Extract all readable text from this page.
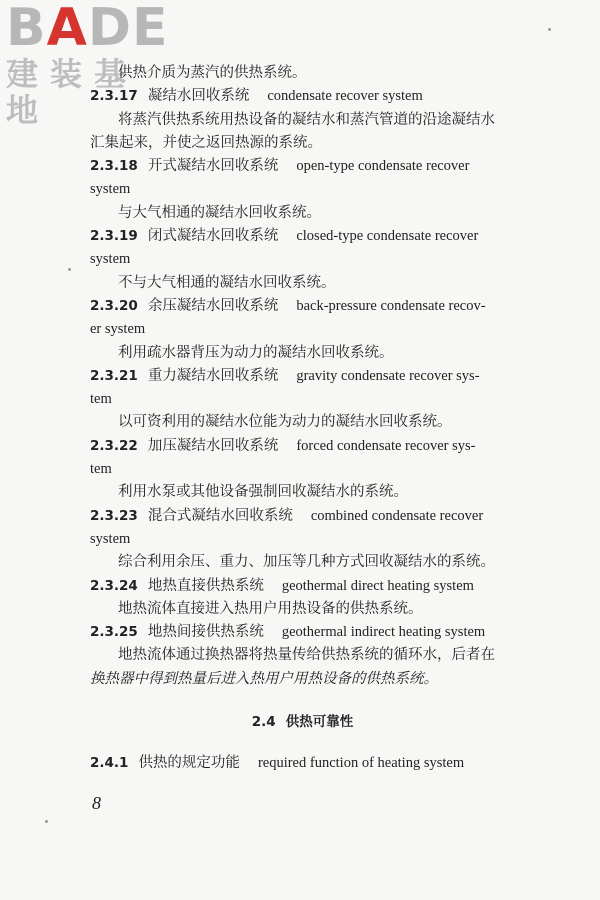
BADE
建装基地
供热介质为蒸汽的供热系统。
2.3.17 凝结水回收系统 condensate recover system
将蒸汽供热系统用热设备的凝结水和蒸汽管道的沿途凝结水
汇集起来，并使之返回热源的系统。
2.3.18 开式凝结水回收系统 open-type condensate recover
system
与大气相通的凝结水回收系统。
2.3.19 闭式凝结水回收系统 closed-type condensate recover
system
不与大气相通的凝结水回收系统。
2.3.20 余压凝结水回收系统 back-pressure condensate recov-
er system
利用疏水器背压为动力的凝结水回收系统。
2.3.21 重力凝结水回收系统 gravity condensate recover sys-
tem
以可资利用的凝结水位能为动力的凝结水回收系统。
2.3.22 加压凝结水回收系统 forced condensate recover sys-
tem
利用水泵或其他设备强制回收凝结水的系统。
2.3.23 混合式凝结水回收系统 combined condensate recover
system
综合利用余压、重力、加压等几种方式回收凝结水的系统。
2.3.24 地热直接供热系统 geothermal direct heating system
地热流体直接进入热用户用热设备的供热系统。
2.3.25 地热间接供热系统 geothermal indirect heating system
地热流体通过换热器将热量传给供热系统的循环水，后者在
换热器中得到热量后进入热用户用热设备的供热系统。
2.4 供热可靠性
2.4.1 供热的规定功能 required function of heating system
8
